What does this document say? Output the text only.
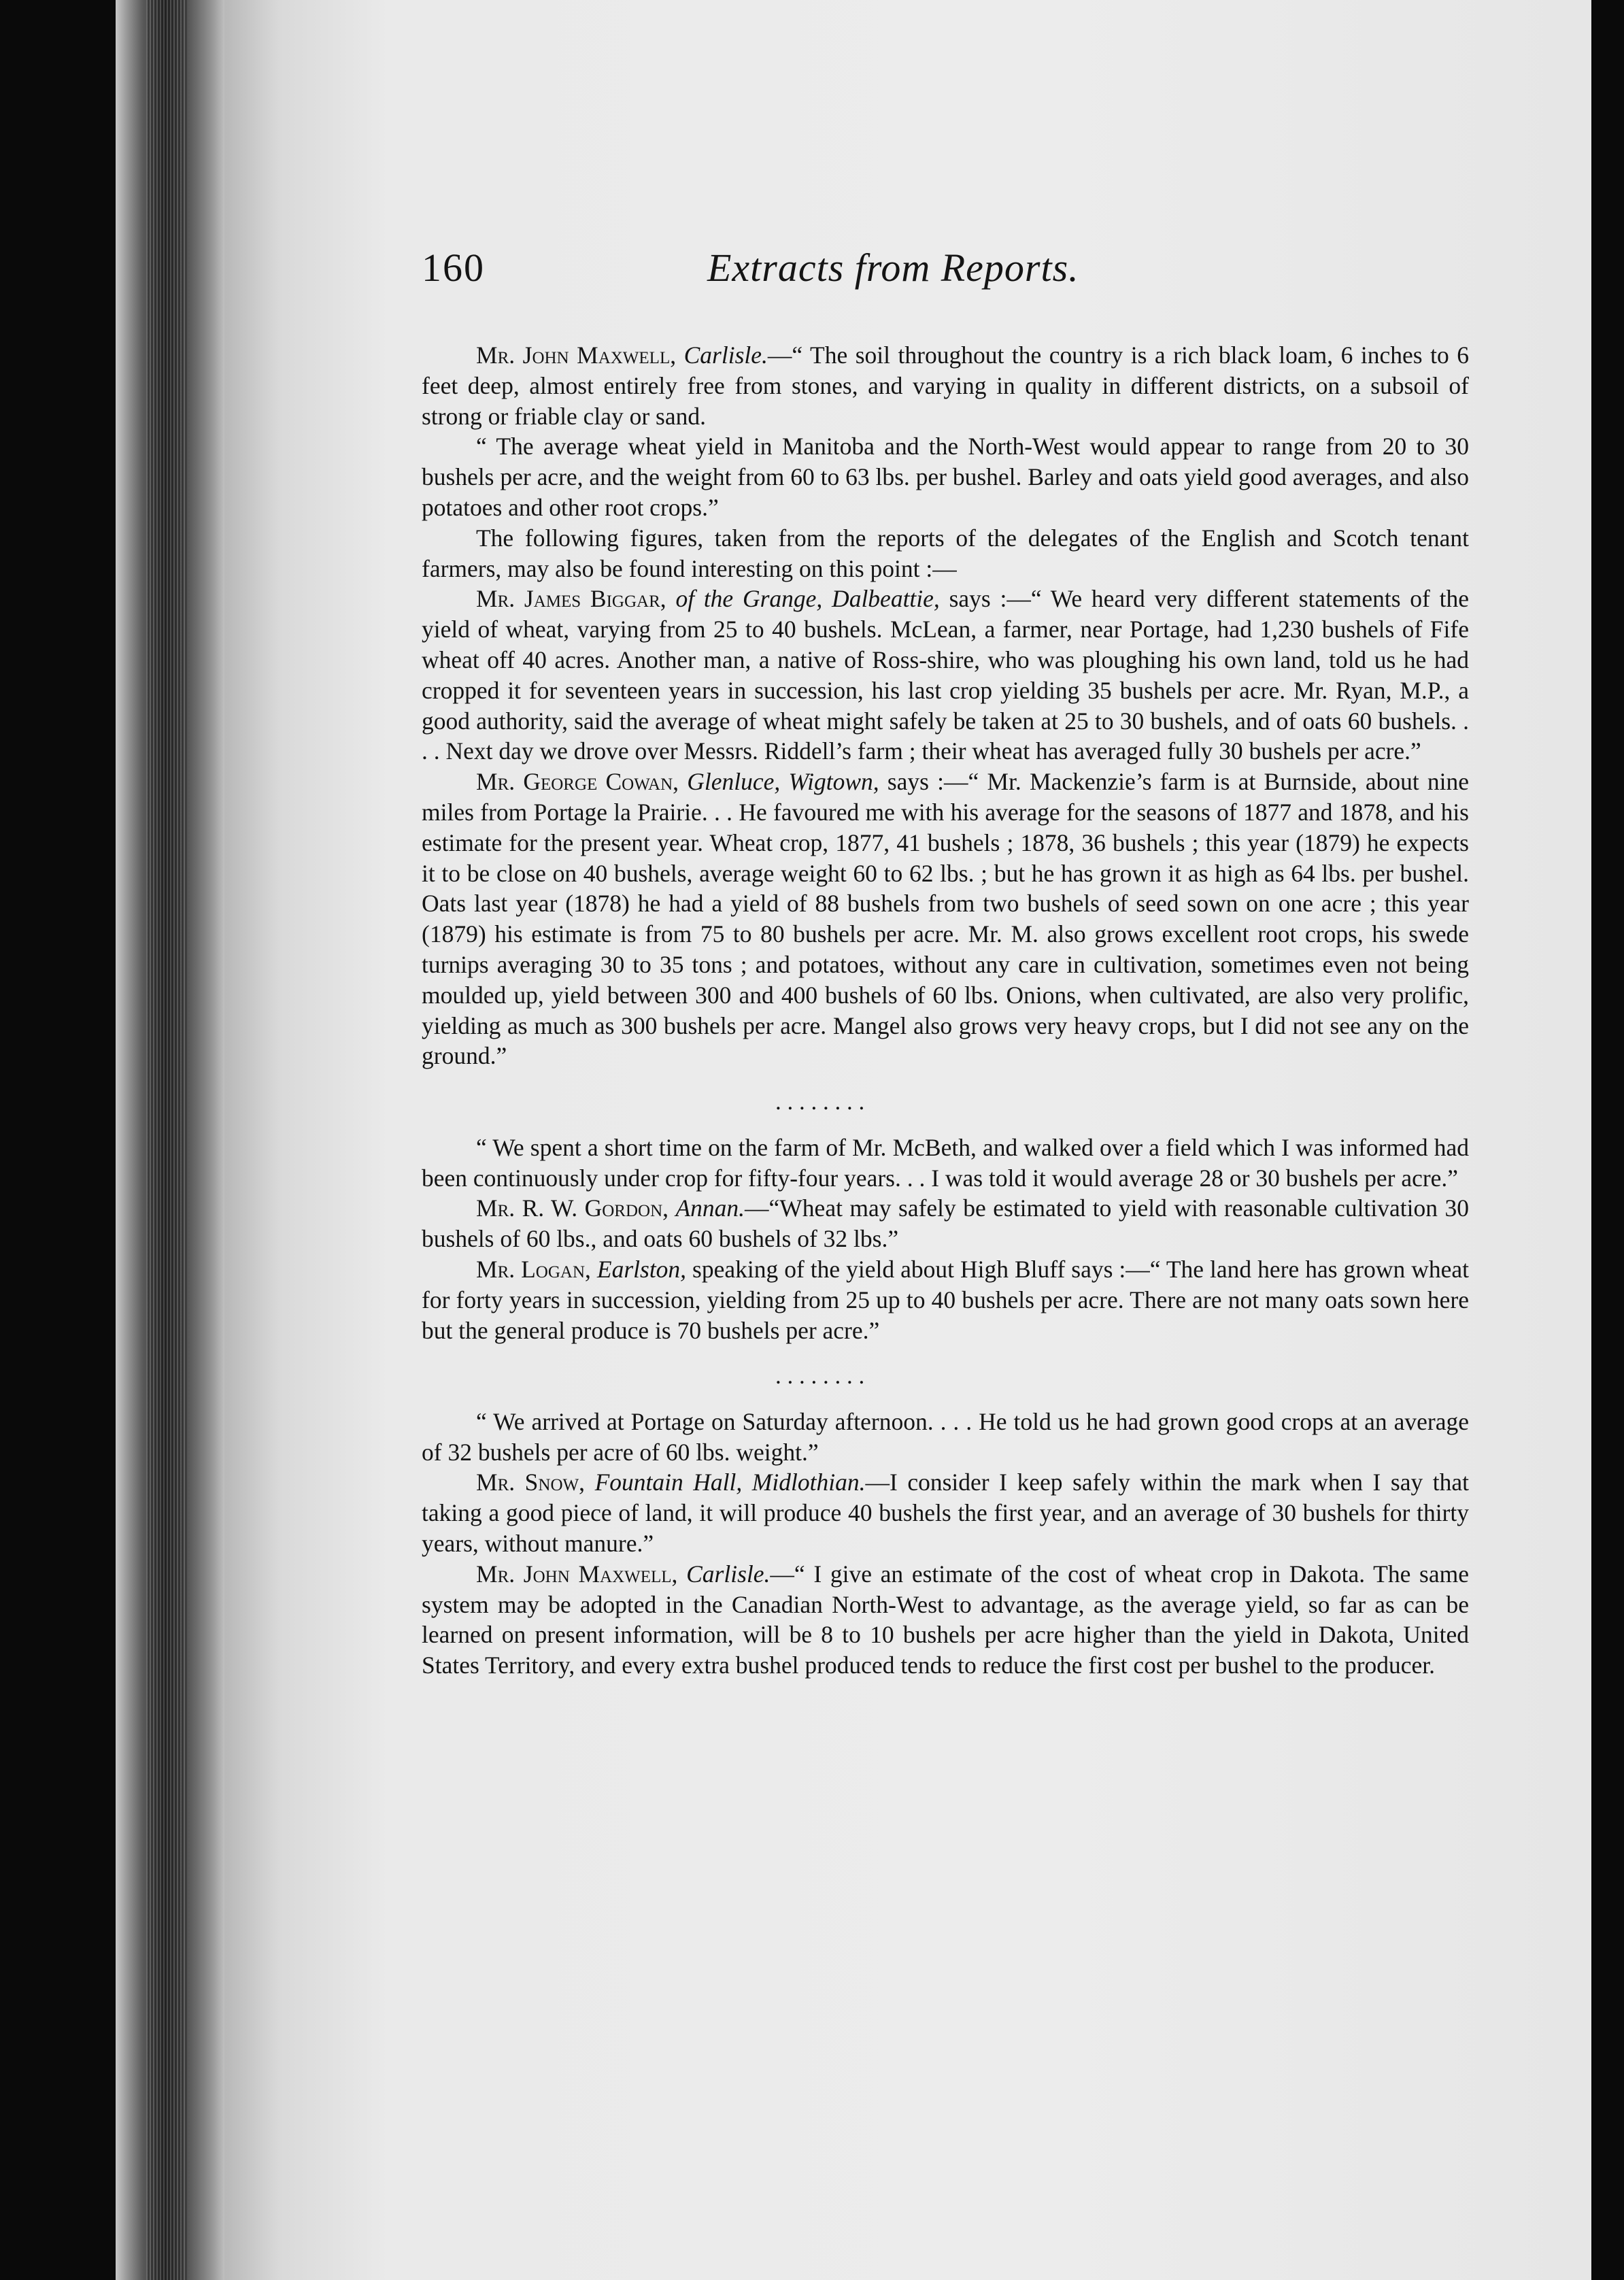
160	Extracts from Reports.

Mr. John Maxwell, Carlisle.—“ The soil throughout the country is a rich black loam, 6 inches to 6 feet deep, almost entirely free from stones, and varying in quality in different districts, on a subsoil of strong or friable clay or sand.

“ The average wheat yield in Manitoba and the North-West would appear to range from 20 to 30 bushels per acre, and the weight from 60 to 63 lbs. per bushel. Barley and oats yield good averages, and also potatoes and other root crops.”

The following figures, taken from the reports of the delegates of the English and Scotch tenant farmers, may also be found interesting on this point :—

Mr. James Biggar, of the Grange, Dalbeattie, says :—“ We heard very different statements of the yield of wheat, varying from 25 to 40 bushels. McLean, a farmer, near Portage, had 1,230 bushels of Fife wheat off 40 acres. Another man, a native of Ross-shire, who was ploughing his own land, told us he had cropped it for seventeen years in succession, his last crop yielding 35 bushels per acre. Mr. Ryan, M.P., a good authority, said the average of wheat might safely be taken at 25 to 30 bushels, and of oats 60 bushels. . . . Next day we drove over Messrs. Riddell’s farm ; their wheat has averaged fully 30 bushels per acre.”

Mr. George Cowan, Glenluce, Wigtown, says :—“ Mr. Mackenzie’s farm is at Burnside, about nine miles from Portage la Prairie. . . He favoured me with his average for the seasons of 1877 and 1878, and his estimate for the present year. Wheat crop, 1877, 41 bushels ; 1878, 36 bushels ; this year (1879) he expects it to be close on 40 bushels, average weight 60 to 62 lbs. ; but he has grown it as high as 64 lbs. per bushel. Oats last year (1878) he had a yield of 88 bushels from two bushels of seed sown on one acre ; this year (1879) his estimate is from 75 to 80 bushels per acre. Mr. M. also grows excellent root crops, his swede turnips averaging 30 to 35 tons ; and potatoes, without any care in cultivation, sometimes even not being moulded up, yield between 300 and 400 bushels of 60 lbs. Onions, when cultivated, are also very prolific, yielding as much as 300 bushels per acre. Mangel also grows very heavy crops, but I did not see any on the ground.”

. . . . . . . .

“ We spent a short time on the farm of Mr. McBeth, and walked over a field which I was informed had been continuously under crop for fifty-four years. . . I was told it would average 28 or 30 bushels per acre.”

Mr. R. W. Gordon, Annan.—“Wheat may safely be estimated to yield with reasonable cultivation 30 bushels of 60 lbs., and oats 60 bushels of 32 lbs.”

Mr. Logan, Earlston, speaking of the yield about High Bluff says :—“ The land here has grown wheat for forty years in succession, yielding from 25 up to 40 bushels per acre. There are not many oats sown here but the general produce is 70 bushels per acre.”

. . . . . . . .

“ We arrived at Portage on Saturday afternoon. . . . He told us he had grown good crops at an average of 32 bushels per acre of 60 lbs. weight.”

Mr. Snow, Fountain Hall, Midlothian.—I consider I keep safely within the mark when I say that taking a good piece of land, it will produce 40 bushels the first year, and an average of 30 bushels for thirty years, without manure.”

Mr. John Maxwell, Carlisle.—“ I give an estimate of the cost of wheat crop in Dakota. The same system may be adopted in the Canadian North-West to advantage, as the average yield, so far as can be learned on present information, will be 8 to 10 bushels per acre higher than the yield in Dakota, United States Territory, and every extra bushel produced tends to reduce the first cost per bushel to the producer.
